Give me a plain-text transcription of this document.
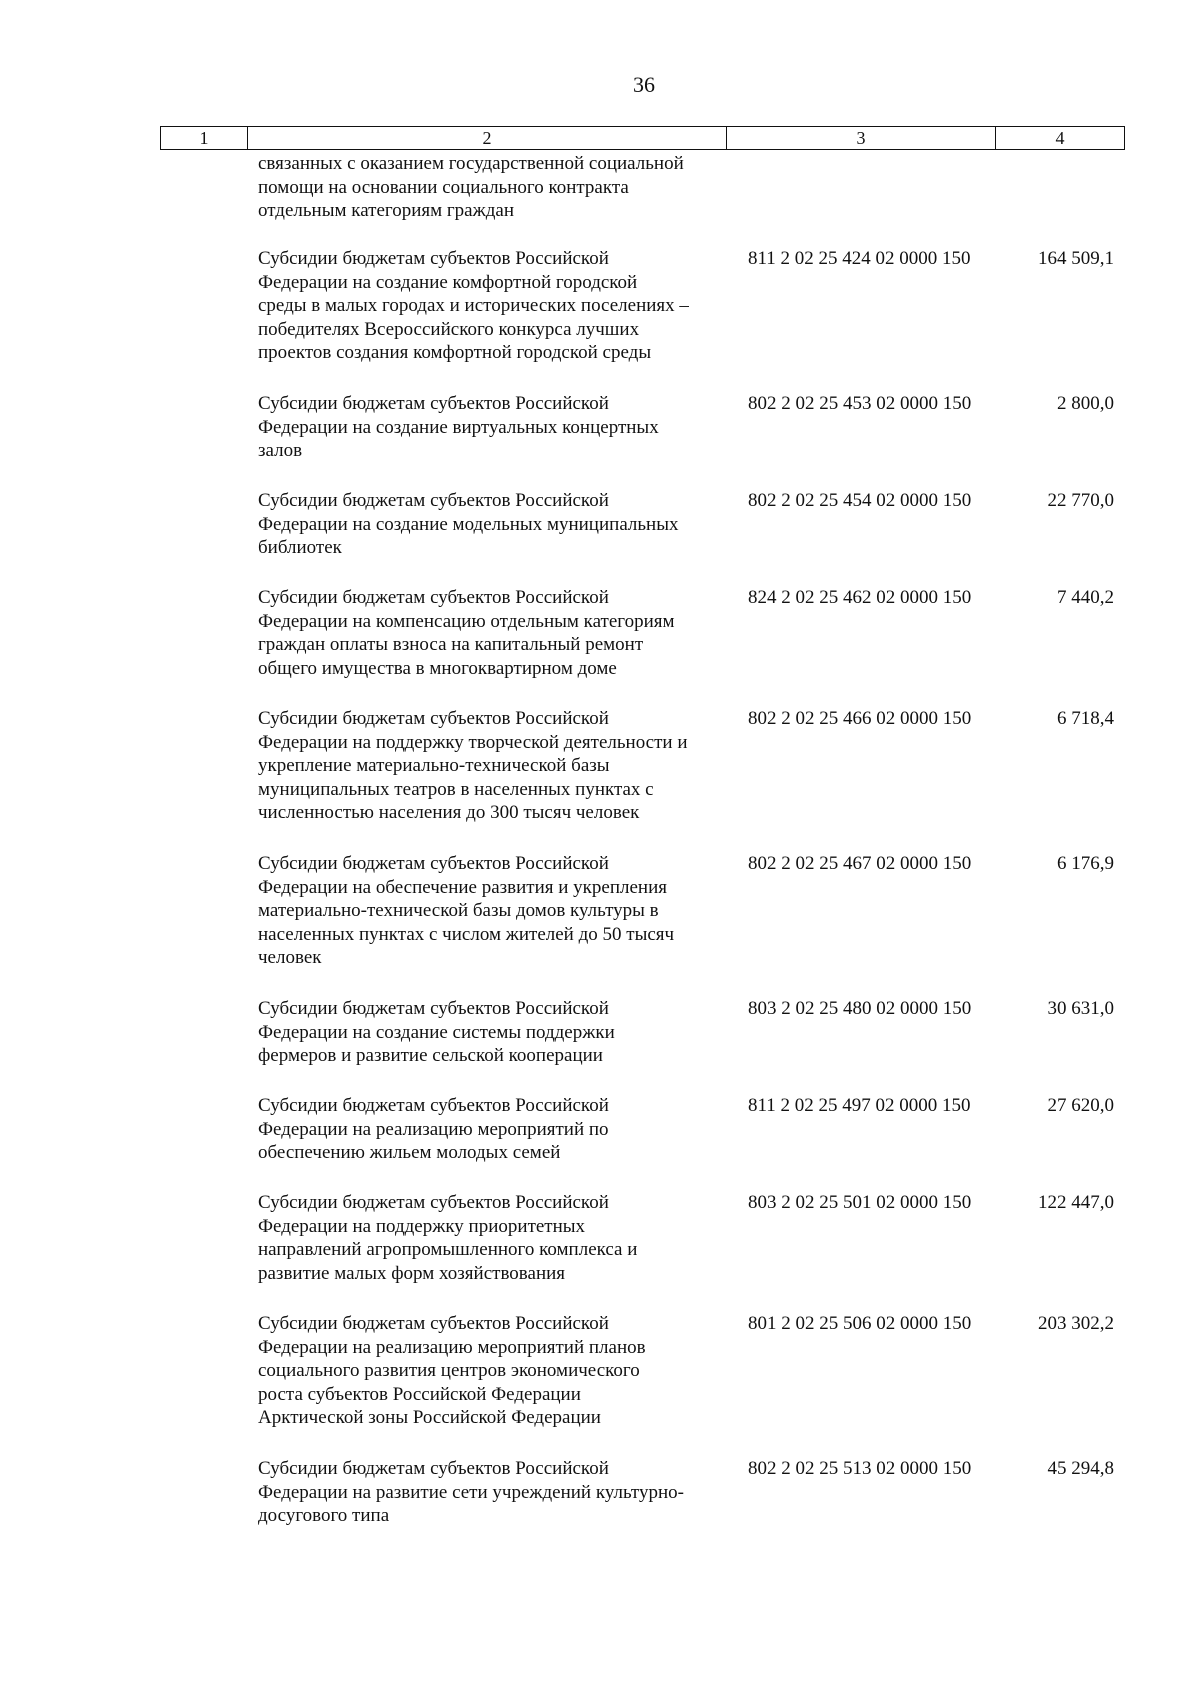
36
1	2	3	4
связанных с оказанием государственной социальной
помощи на основании социального контракта
отдельным категориям граждан
Субсидии бюджетам субъектов Российской
Федерации на создание комфортной городской
среды в малых городах и исторических поселениях –
победителях Всероссийского конкурса лучших
проектов создания комфортной городской среды
811 2 02 25 424 02 0000 150	164 509,1
Субсидии бюджетам субъектов Российской
Федерации на создание виртуальных концертных
залов
802 2 02 25 453 02 0000 150	2 800,0
Субсидии бюджетам субъектов Российской
Федерации на создание модельных муниципальных
библиотек
802 2 02 25 454 02 0000 150	22 770,0
Субсидии бюджетам субъектов Российской
Федерации на компенсацию отдельным категориям
граждан оплаты взноса на капитальный ремонт
общего имущества в многоквартирном доме
824 2 02 25 462 02 0000 150	7 440,2
Субсидии бюджетам субъектов Российской
Федерации на поддержку творческой деятельности и
укрепление материально-технической базы
муниципальных театров в населенных пунктах с
численностью населения до 300 тысяч человек
802 2 02 25 466 02 0000 150	6 718,4
Субсидии бюджетам субъектов Российской
Федерации на обеспечение развития и укрепления
материально-технической базы домов культуры в
населенных пунктах с числом жителей до 50 тысяч
человек
802 2 02 25 467 02 0000 150	6 176,9
Субсидии бюджетам субъектов Российской
Федерации на создание системы поддержки
фермеров и развитие сельской кооперации
803 2 02 25 480 02 0000 150	30 631,0
Субсидии бюджетам субъектов Российской
Федерации на реализацию мероприятий по
обеспечению жильем молодых семей
811 2 02 25 497 02 0000 150	27 620,0
Субсидии бюджетам субъектов Российской
Федерации на поддержку приоритетных
направлений агропромышленного комплекса и
развитие малых форм хозяйствования
803 2 02 25 501 02 0000 150	122 447,0
Субсидии бюджетам субъектов Российской
Федерации на реализацию мероприятий планов
социального развития центров экономического
роста субъектов Российской Федерации
Арктической зоны Российской Федерации
801 2 02 25 506 02 0000 150	203 302,2
Субсидии бюджетам субъектов Российской
Федерации на развитие сети учреждений культурно-
досугового типа
802 2 02 25 513 02 0000 150	45 294,8
